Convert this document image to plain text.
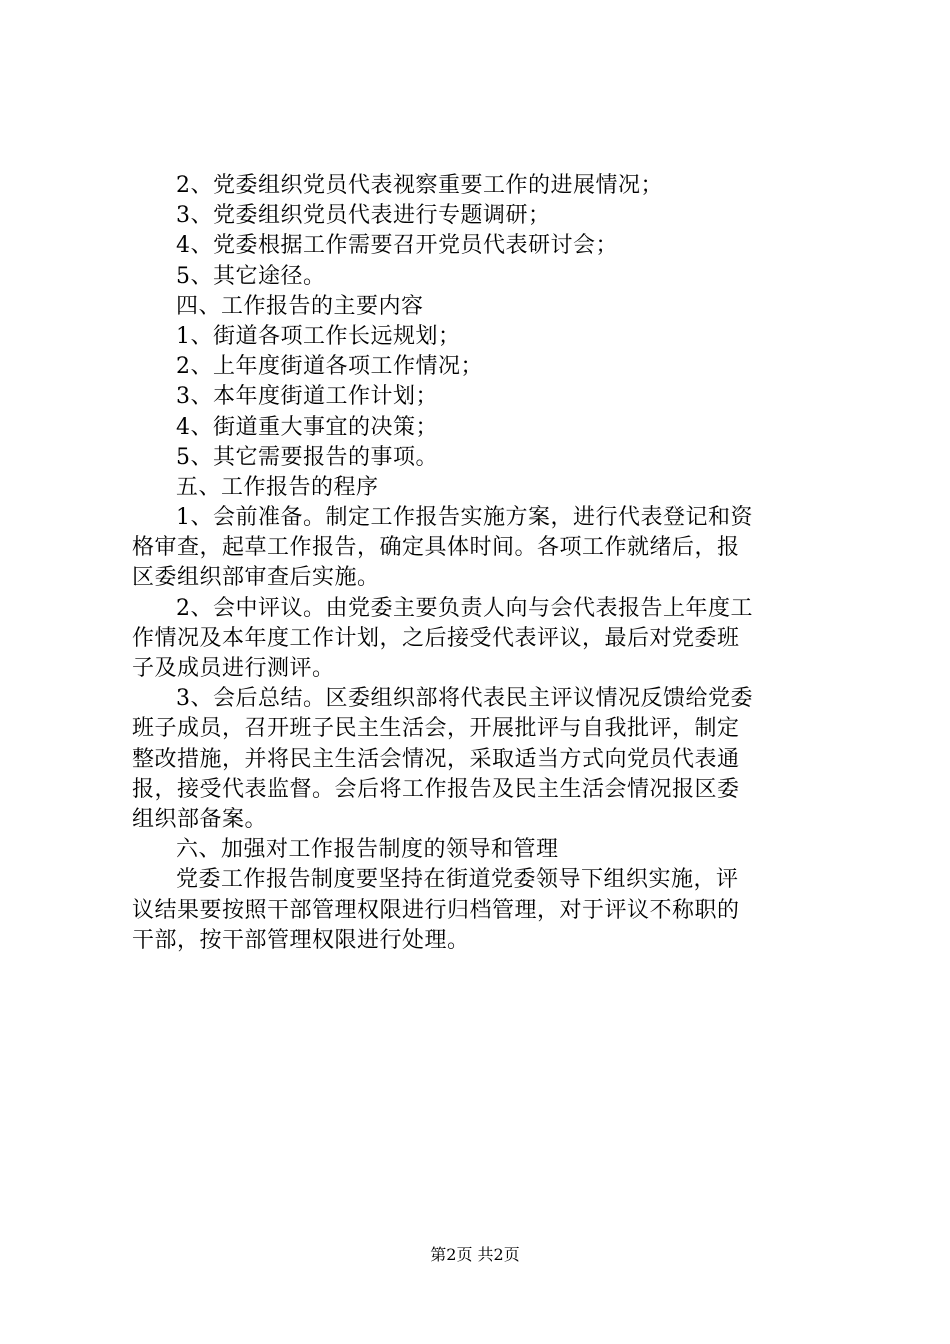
2、党委组织党员代表视察重要工作的进展情况；
3、党委组织党员代表进行专题调研；
4、党委根据工作需要召开党员代表研讨会；
5、其它途径。
四、工作报告的主要内容
1、街道各项工作长远规划；
2、上年度街道各项工作情况；
3、本年度街道工作计划；
4、街道重大事宜的决策；
5、其它需要报告的事项。
五、工作报告的程序
1、会前准备。制定工作报告实施方案，进行代表登记和资
格审查，起草工作报告，确定具体时间。各项工作就绪后，报
区委组织部审查后实施。
2、会中评议。由党委主要负责人向与会代表报告上年度工
作情况及本年度工作计划，之后接受代表评议，最后对党委班
子及成员进行测评。
3、会后总结。区委组织部将代表民主评议情况反馈给党委
班子成员，召开班子民主生活会，开展批评与自我批评，制定
整改措施，并将民主生活会情况，采取适当方式向党员代表通
报，接受代表监督。会后将工作报告及民主生活会情况报区委
组织部备案。
六、加强对工作报告制度的领导和管理
党委工作报告制度要坚持在街道党委领导下组织实施，评
议结果要按照干部管理权限进行归档管理，对于评议不称职的
干部，按干部管理权限进行处理。
第2页 共2页
